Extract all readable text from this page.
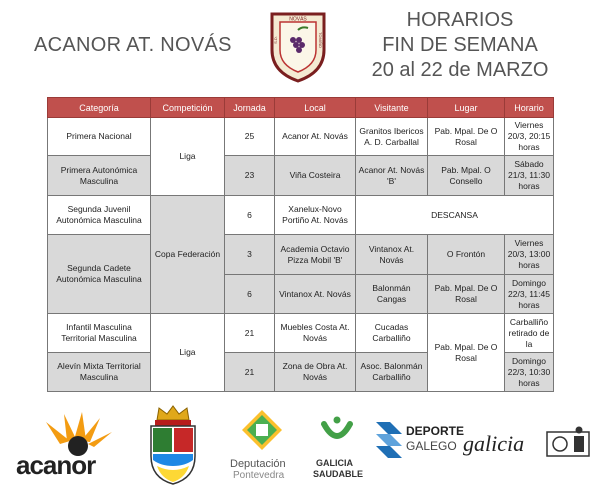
ACANOR AT. NOVÁS
NOVÁS
S.D.	TOMIÑO
HORARIOS
FIN DE SEMANA
20 al 22 de MARZO
Categoría	Competición	Jornada	Local	Visitante	Lugar	Horario
Primera Nacional	Liga	25	Acanor At. Novás	Granitos Ibericos A. D. Carballal	Pab. Mpal. De O Rosal	Viernes 20/3, 20:15 horas
Primera Autonómica Masculina		23	Viña Costeira	Acanor At. Novás 'B'	Pab. Mpal. O Consello	Sábado 21/3, 11:30 horas
Segunda Juvenil Autonómica Masculina	Copa Federación	6	Xanelux-Novo Portiño At. Novás	DESCANSA		
Segunda Cadete Autonómica Masculina		3	Academia Octavio Pizza Mobil 'B'	Vintanox At. Novás	O Frontón	Viernes 20/3, 13:00 horas
		6	Vintanox At. Novás	Balonmán Cangas	Pab. Mpal. De O Rosal	Domingo 22/3, 11:45 horas
Infantil Masculina Territorial Masculina	Liga	21	Muebles Costa At. Novás	Cucadas Carballiño	Pab. Mpal. De O Rosal	Carballiño retirado de la
Alevín Mixta Territorial Masculina		21	Zona de Obra At. Novás	Asoc. Balonmán Carballiño		Domingo 22/3, 10:30 horas
acanor	Deputación
Pontevedra
GALICIA
SAUDABLE
DEPORTE
GALEGO galicia
